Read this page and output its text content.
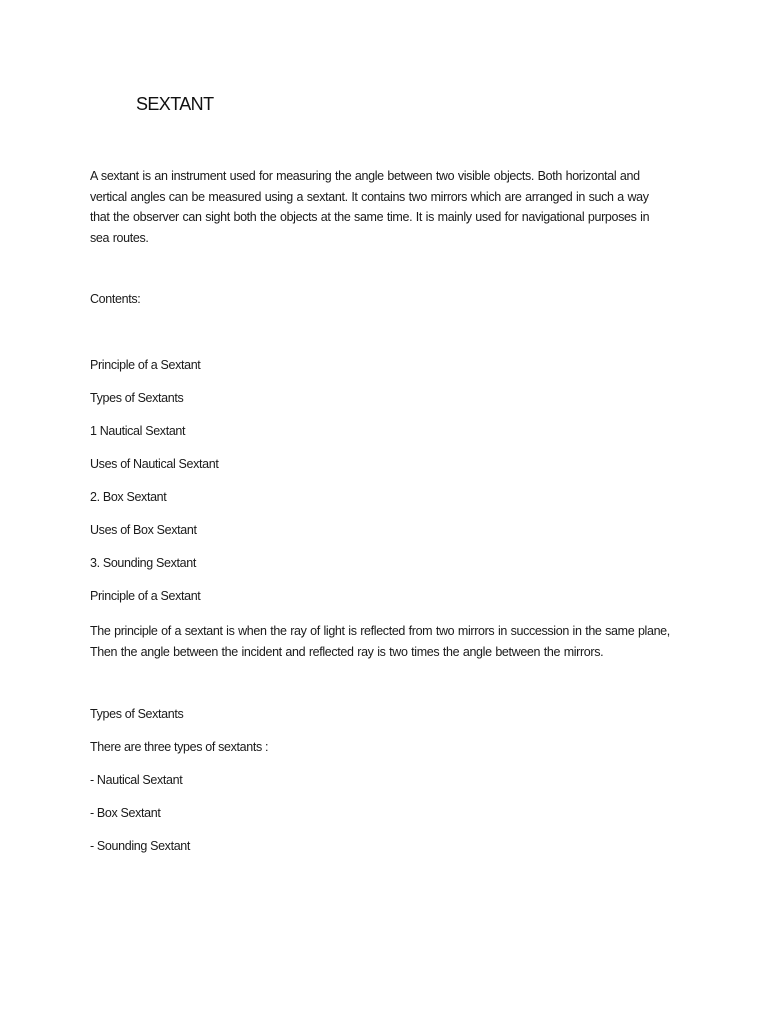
SEXTANT

A sextant is an instrument used for measuring the angle between two visible objects. Both horizontal and vertical angles can be measured using a sextant. It contains two mirrors which are arranged in such a way that the observer can sight both the objects at the same time. It is mainly used for navigational purposes in sea routes.

Contents:

Principle of a Sextant

Types of Sextants

1 Nautical Sextant

Uses of Nautical Sextant

2. Box Sextant

Uses of Box Sextant

3. Sounding Sextant

Principle of a Sextant

The principle of a sextant is when the ray of light is reflected from two mirrors in succession in the same plane, Then the angle between the incident and reflected ray is two times the angle between the mirrors.

Types of Sextants

There are three types of sextants :

- Nautical Sextant

- Box Sextant

- Sounding Sextant
